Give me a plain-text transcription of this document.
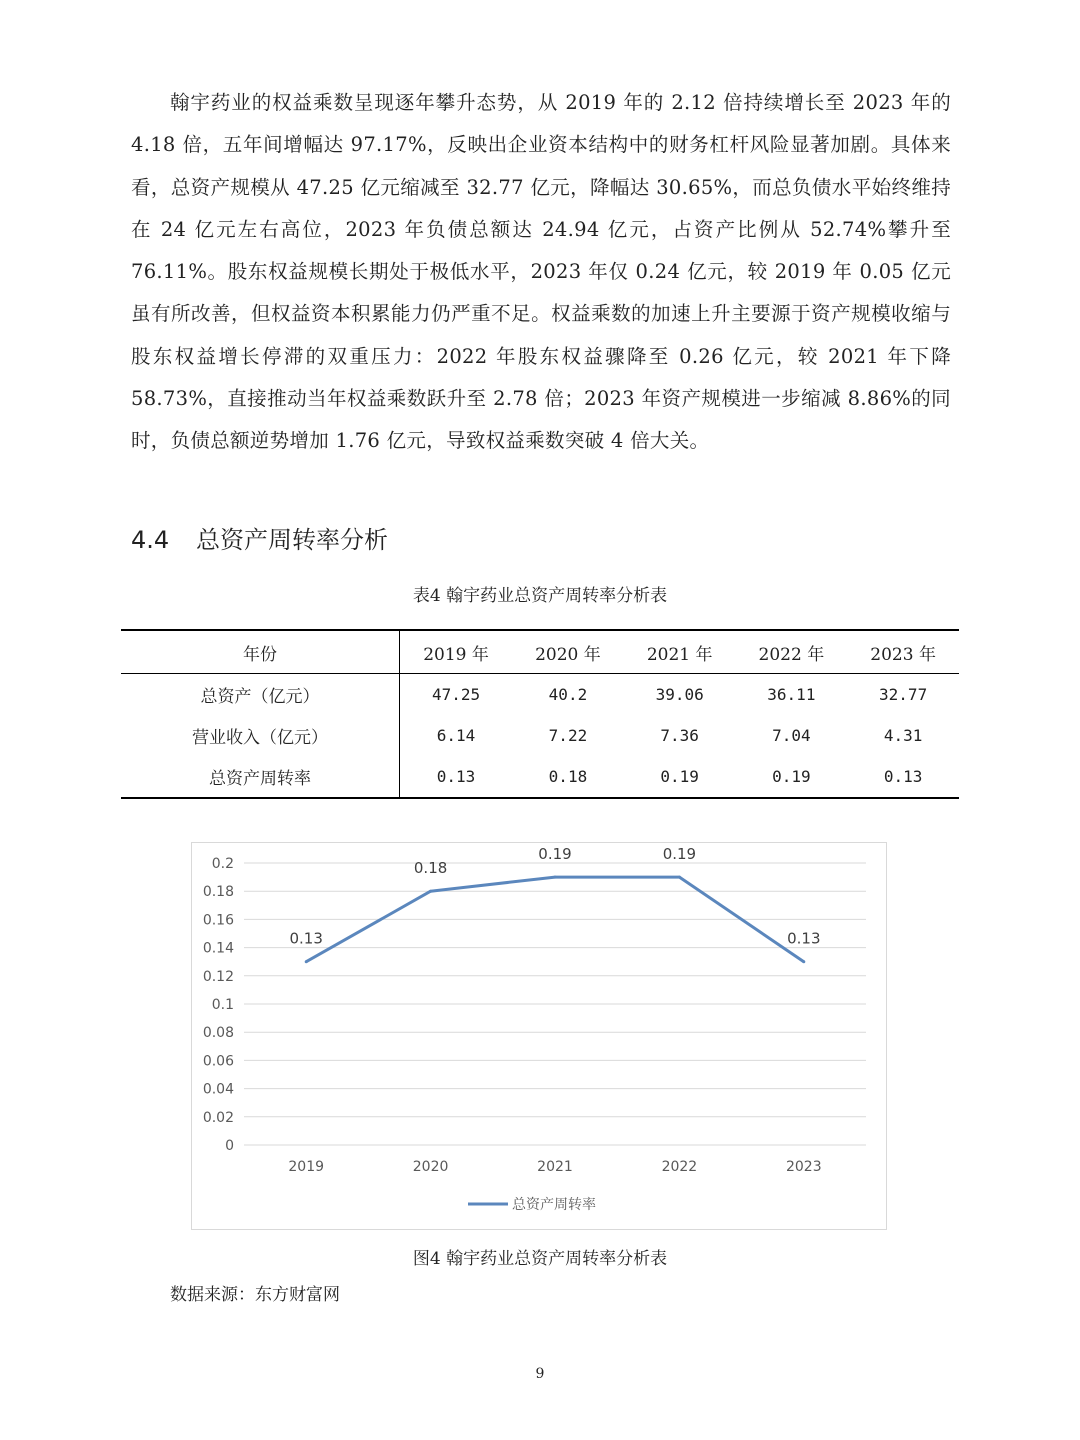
翰宇药业的权益乘数呈现逐年攀升态势，从 2019 年的 2.12 倍持续增长至 2023 年的 4.18 倍，五年间增幅达 97.17%，反映出企业资本结构中的财务杠杆风险显著加剧。具体来看，总资产规模从 47.25 亿元缩减至 32.77 亿元，降幅达 30.65%，而总负债水平始终维持在 24 亿元左右高位，2023 年负债总额达 24.94 亿元，占资产比例从 52.74%攀升至 76.11%。股东权益规模长期处于极低水平，2023 年仅 0.24 亿元，较 2019 年 0.05 亿元虽有所改善，但权益资本积累能力仍严重不足。权益乘数的加速上升主要源于资产规模收缩与股东权益增长停滞的双重压力：2022 年股东权益骤降至 0.26 亿元，较 2021 年下降 58.73%，直接推动当年权益乘数跃升至 2.78 倍；2023 年资产规模进一步缩减 8.86%的同时，负债总额逆势增加 1.76 亿元，导致权益乘数突破 4 倍大关。

4.4 总资产周转率分析
表4 翰宇药业总资产周转率分析表
年份	2019 年	2020 年	2021 年	2022 年	2023 年
总资产（亿元）	47.25	40.2	39.06	36.11	32.77
营业收入（亿元）	6.14	7.22	7.36	7.04	4.31
总资产周转率	0.13	0.18	0.19	0.19	0.13
0
0.02
0.04
0.06
0.08
0.1
0.12
0.14
0.16
0.18
0.2
2019	2020	2021	2022	2023
0.13
0.18
0.19	0.19
0.13
总资产周转率
图4 翰宇药业总资产周转率分析表
数据来源：东方财富网
9
